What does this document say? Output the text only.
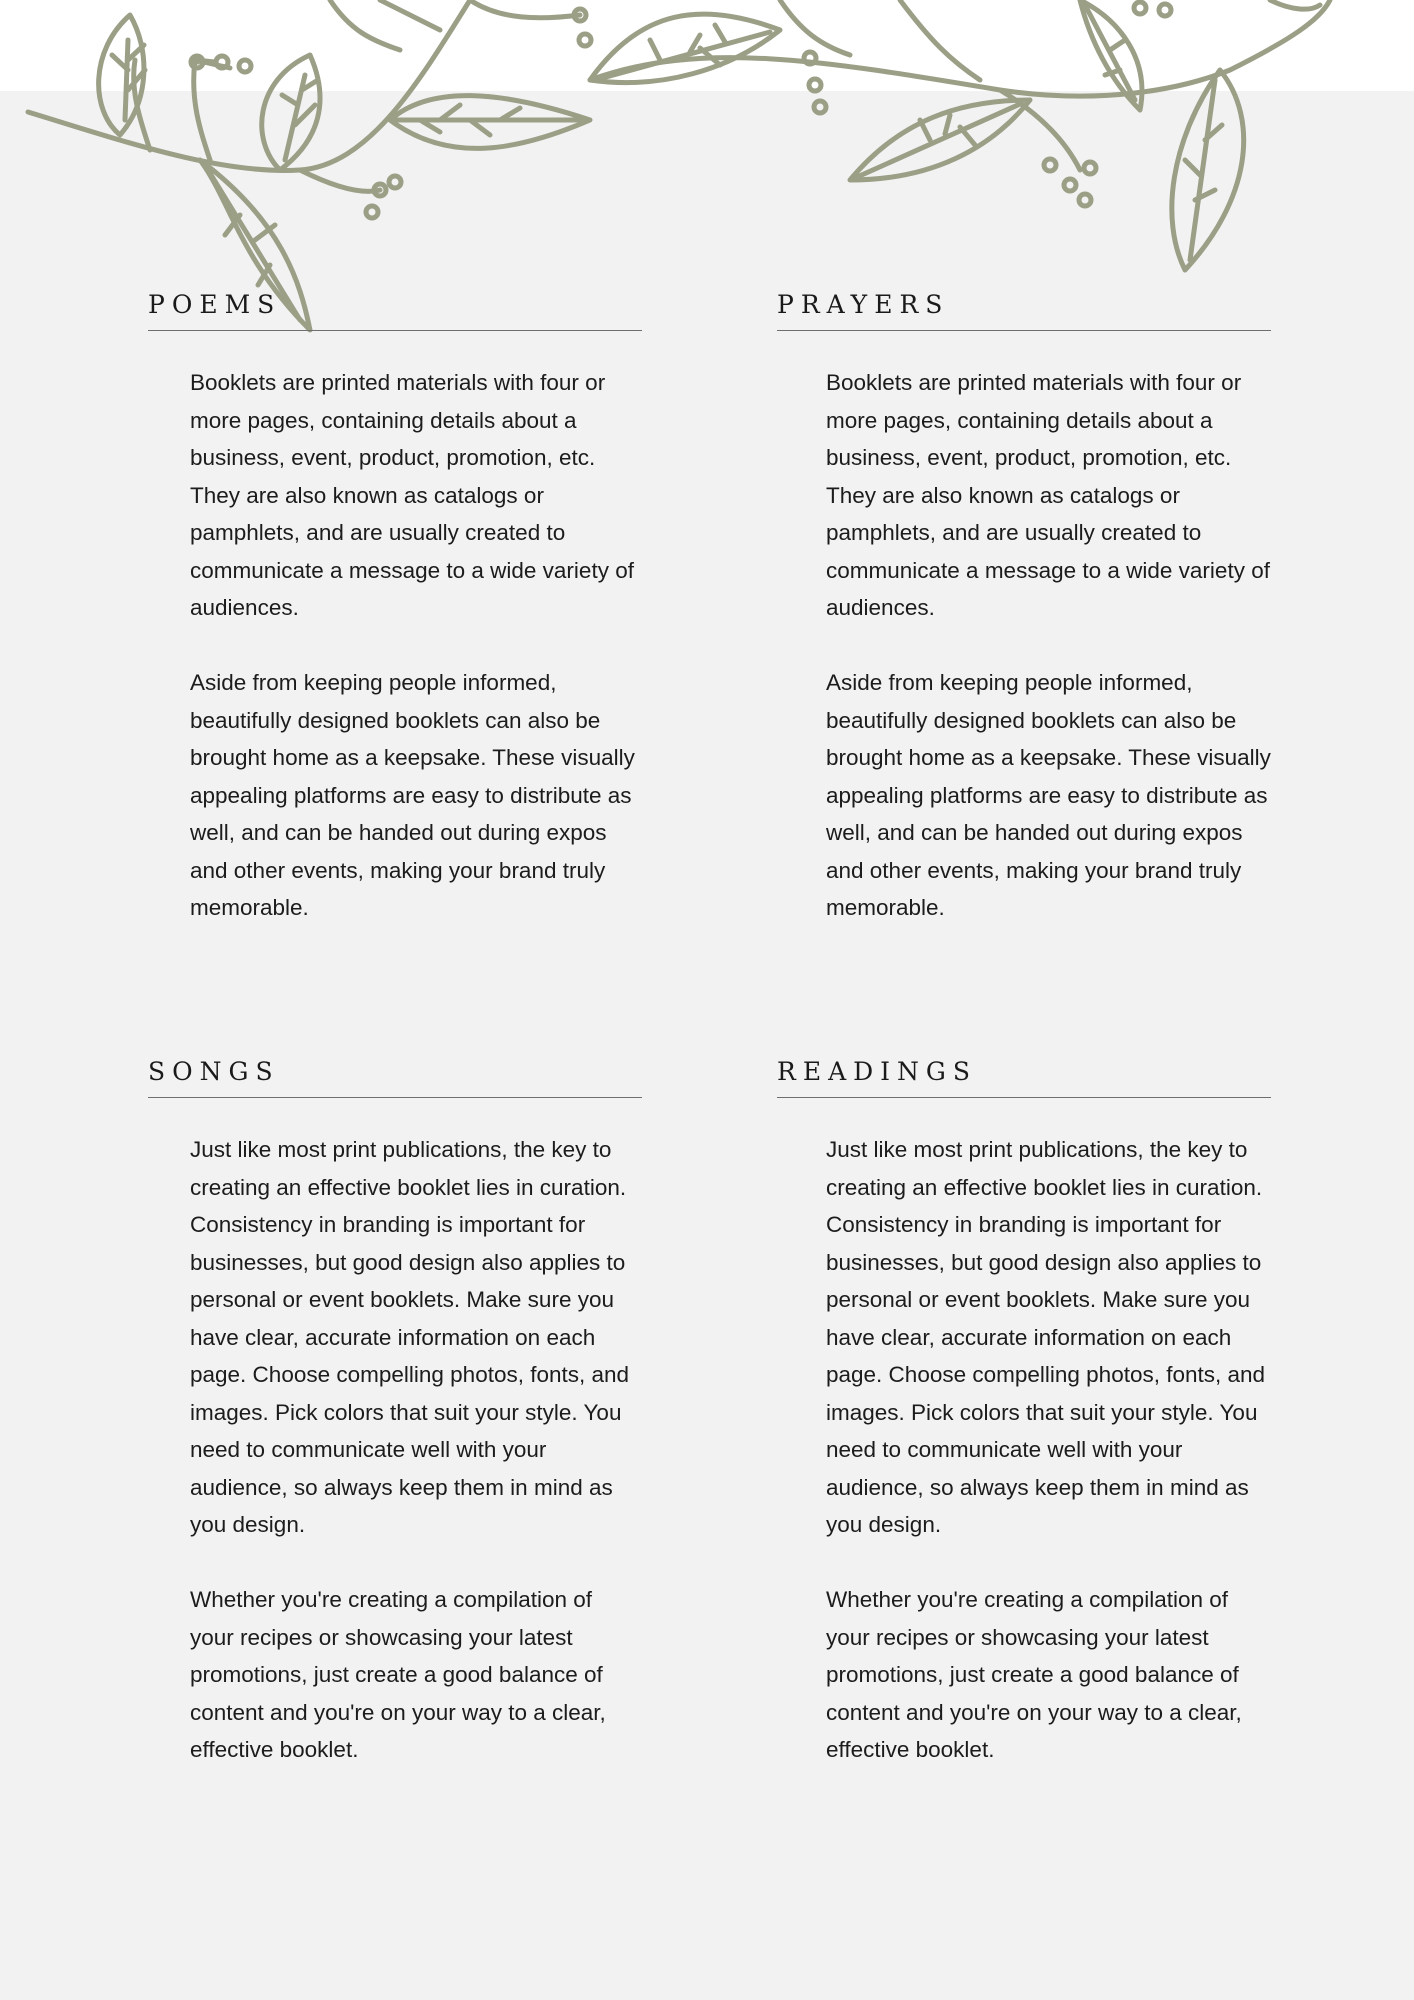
POEMS

Booklets are printed materials with four or more pages, containing details about a business, event, product, promotion, etc. They are also known as catalogs or pamphlets, and are usually created to communicate a message to a wide variety of audiences.

Aside from keeping people informed, beautifully designed booklets can also be brought home as a keepsake. These visually appealing platforms are easy to distribute as well, and can be handed out during expos and other events, making your brand truly memorable.

PRAYERS

Booklets are printed materials with four or more pages, containing details about a business, event, product, promotion, etc. They are also known as catalogs or pamphlets, and are usually created to communicate a message to a wide variety of audiences.

Aside from keeping people informed, beautifully designed booklets can also be brought home as a keepsake. These visually appealing platforms are easy to distribute as well, and can be handed out during expos and other events, making your brand truly memorable.

SONGS

Just like most print publications, the key to creating an effective booklet lies in curation. Consistency in branding is important for businesses, but good design also applies to personal or event booklets. Make sure you have clear, accurate information on each page. Choose compelling photos, fonts, and images. Pick colors that suit your style. You need to communicate well with your audience, so always keep them in mind as you design.

Whether you're creating a compilation of your recipes or showcasing your latest promotions, just create a good balance of content and you're on your way to a clear, effective booklet.

READINGS

Just like most print publications, the key to creating an effective booklet lies in curation. Consistency in branding is important for businesses, but good design also applies to personal or event booklets. Make sure you have clear, accurate information on each page. Choose compelling photos, fonts, and images. Pick colors that suit your style. You need to communicate well with your audience, so always keep them in mind as you design.

Whether you're creating a compilation of your recipes or showcasing your latest promotions, just create a good balance of content and you're on your way to a clear, effective booklet.
